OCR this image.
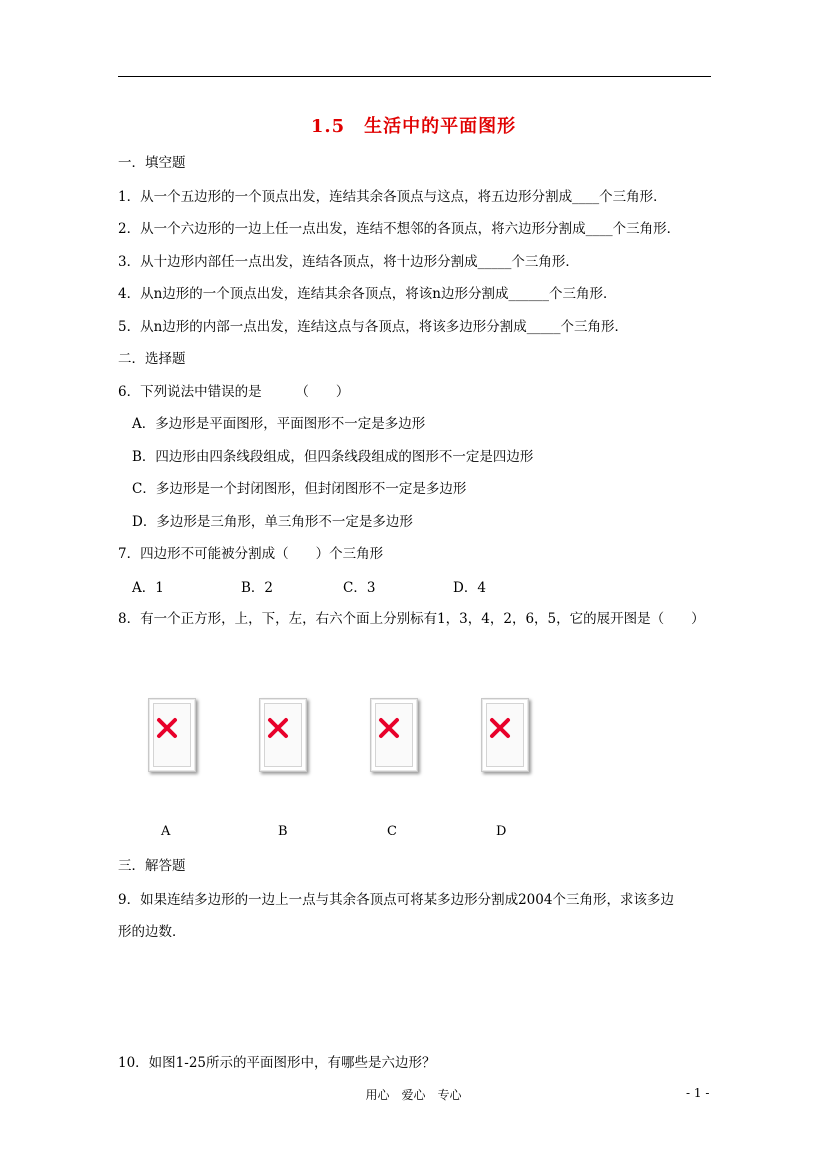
1.5　生活中的平面图形
一．填空题
1．从一个五边形的一个顶点出发，连结其余各顶点与这点，将五边形分割成____个三角形．
2．从一个六边形的一边上任一点出发，连结不想邻的各顶点，将六边形分割成____个三角形．
3．从十边形内部任一点出发，连结各顶点，将十边形分割成_____个三角形．
4．从n边形的一个顶点出发，连结其余各顶点，将该n边形分割成______个三角形．
5．从n边形的内部一点出发，连结这点与各顶点，将该多边形分割成_____个三角形．
二．选择题
6．下列说法中错误的是　　　（　　）
A．多边形是平面图形，平面图形不一定是多边形
B．四边形由四条线段组成，但四条线段组成的图形不一定是四边形
C．多边形是一个封闭图形，但封闭图形不一定是多边形
D．多边形是三角形，单三角形不一定是多边形
7．四边形不可能被分割成（　　）个三角形
A．1	B．2	C．3	D．4
8．有一个正方形，上，下，左，右六个面上分别标有1，3，4，2，6，5，它的展开图是（　　）
A	B	C	D
三．解答题
9．如果连结多边形的一边上一点与其余各顶点可将某多边形分割成2004个三角形，求该多边
形的边数．
10．如图1-25所示的平面图形中，有哪些是六边形？
用心　爱心　专心	- 1 -
